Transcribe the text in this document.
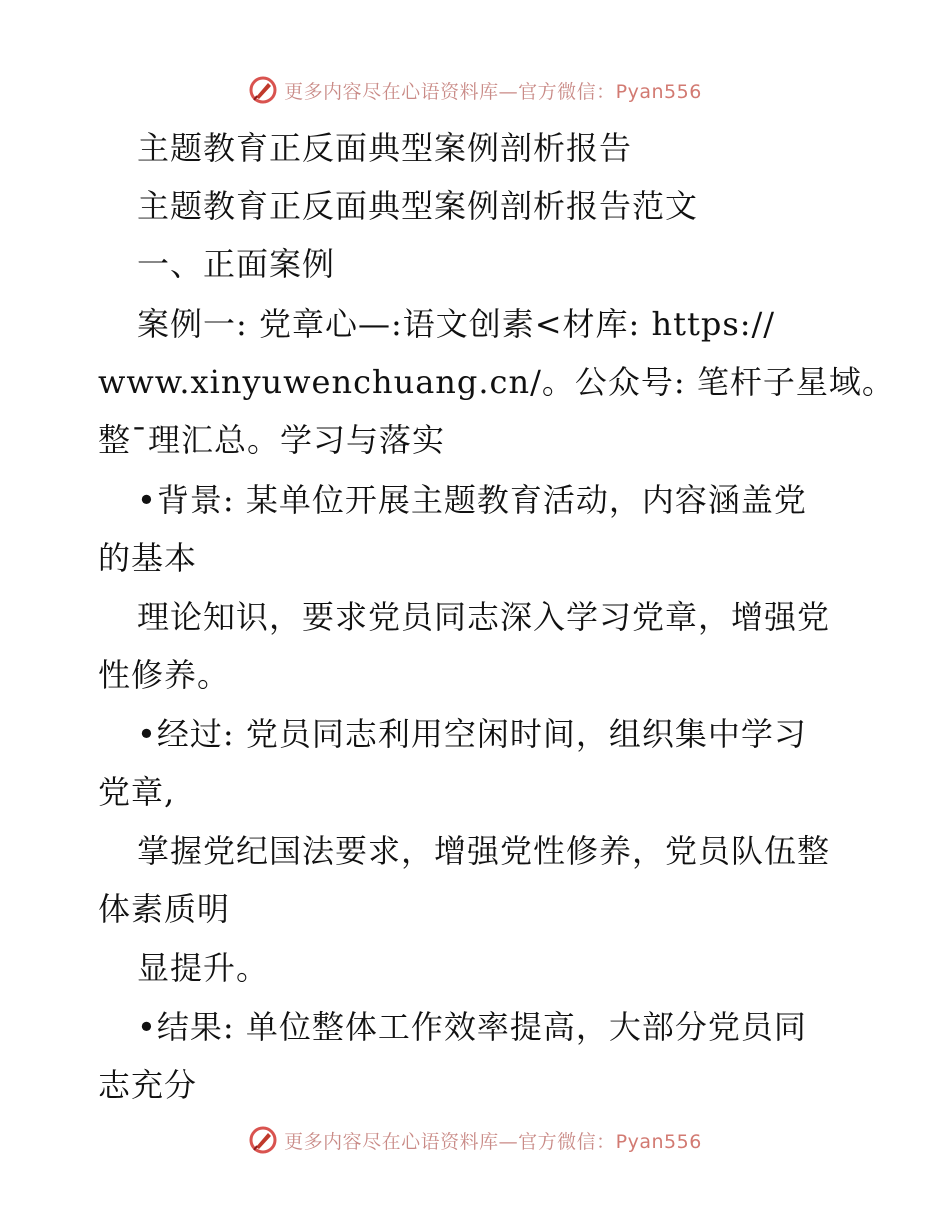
更多内容尽在心语资料库—官方微信：Pyan556
主题教育正反面典型案例剖析报告
主题教育正反面典型案例剖析报告范文
一、正面案例
案例一: 党章心—:语文创素<材库: https://
www.xinyuwenchuang.cn/。公众号: 笔杆子星域。
整¯理汇总。学习与落实
•背景: 某单位开展主题教育活动，内容涵盖党
的基本
理论知识，要求党员同志深入学习党章，增强党
性修养。
•经过: 党员同志利用空闲时间，组织集中学习
党章,
掌握党纪国法要求，增强党性修养，党员队伍整
体素质明
显提升。
•结果: 单位整体工作效率提高，大部分党员同
志充分
更多内容尽在心语资料库—官方微信：Pyan556
